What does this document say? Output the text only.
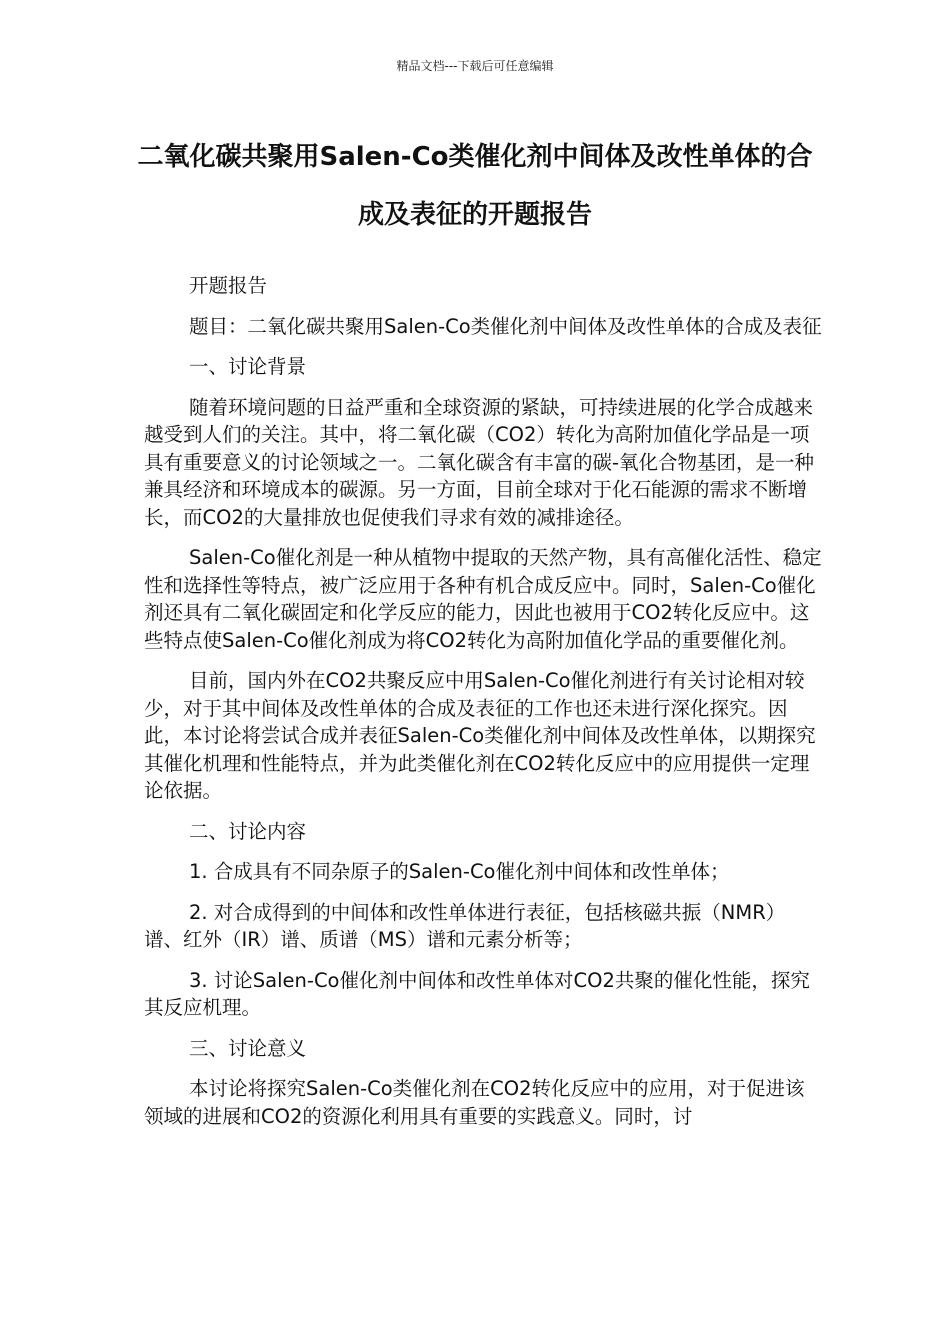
精品文档---下载后可任意编辑
二氧化碳共聚用Salen-Co类催化剂中间体及改性单体的合成及表征的开题报告

开题报告

题目：二氧化碳共聚用Salen-Co类催化剂中间体及改性单体的合成及表征

一、讨论背景

随着环境问题的日益严重和全球资源的紧缺，可持续进展的化学合成越来越受到人们的关注。其中，将二氧化碳（CO2）转化为高附加值化学品是一项具有重要意义的讨论领域之一。二氧化碳含有丰富的碳-氧化合物基团，是一种兼具经济和环境成本的碳源。另一方面，目前全球对于化石能源的需求不断增长，而CO2的大量排放也促使我们寻求有效的减排途径。

Salen-Co催化剂是一种从植物中提取的天然产物，具有高催化活性、稳定性和选择性等特点，被广泛应用于各种有机合成反应中。同时，Salen-Co催化剂还具有二氧化碳固定和化学反应的能力，因此也被用于CO2转化反应中。这些特点使Salen-Co催化剂成为将CO2转化为高附加值化学品的重要催化剂。

目前，国内外在CO2共聚反应中用Salen-Co催化剂进行有关讨论相对较少，对于其中间体及改性单体的合成及表征的工作也还未进行深化探究。因此，本讨论将尝试合成并表征Salen-Co类催化剂中间体及改性单体，以期探究其催化机理和性能特点，并为此类催化剂在CO2转化反应中的应用提供一定理论依据。

二、讨论内容

1. 合成具有不同杂原子的Salen-Co催化剂中间体和改性单体；

2. 对合成得到的中间体和改性单体进行表征，包括核磁共振（NMR）谱、红外（IR）谱、质谱（MS）谱和元素分析等；

3. 讨论Salen-Co催化剂中间体和改性单体对CO2共聚的催化性能，探究其反应机理。

三、讨论意义

本讨论将探究Salen-Co类催化剂在CO2转化反应中的应用，对于促进该领域的进展和CO2的资源化利用具有重要的实践意义。同时，讨
